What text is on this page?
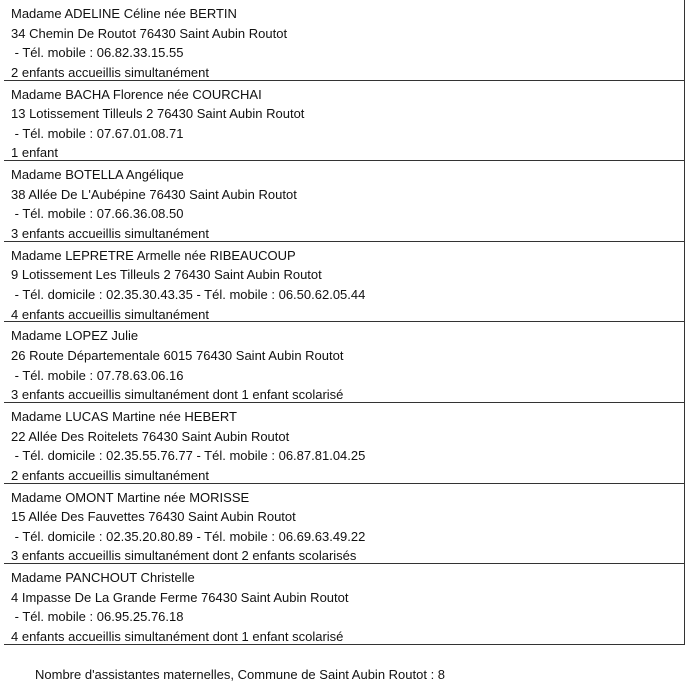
Madame ADELINE Céline née BERTIN
34 Chemin De Routot 76430 Saint Aubin Routot
- Tél. mobile : 06.82.33.15.55
2 enfants accueillis simultanément
Madame BACHA Florence née COURCHAI
13 Lotissement Tilleuls 2 76430 Saint Aubin Routot
- Tél. mobile : 07.67.01.08.71
1 enfant
Madame BOTELLA Angélique
38 Allée De L'Aubépine 76430 Saint Aubin Routot
- Tél. mobile : 07.66.36.08.50
3 enfants accueillis simultanément
Madame LEPRETRE Armelle née RIBEAUCOUP
9 Lotissement Les Tilleuls 2 76430 Saint Aubin Routot
- Tél. domicile : 02.35.30.43.35 - Tél. mobile : 06.50.62.05.44
4 enfants accueillis simultanément
Madame LOPEZ Julie
26 Route Départementale 6015 76430 Saint Aubin Routot
- Tél. mobile : 07.78.63.06.16
3 enfants accueillis simultanément dont 1 enfant scolarisé
Madame LUCAS Martine née HEBERT
22 Allée Des Roitelets 76430 Saint Aubin Routot
- Tél. domicile : 02.35.55.76.77 - Tél. mobile : 06.87.81.04.25
2 enfants accueillis simultanément
Madame OMONT Martine née MORISSE
15 Allée Des Fauvettes 76430 Saint Aubin Routot
- Tél. domicile : 02.35.20.80.89 - Tél. mobile : 06.69.63.49.22
3 enfants accueillis simultanément dont 2 enfants scolarisés
Madame PANCHOUT Christelle
4 Impasse De La Grande Ferme 76430 Saint Aubin Routot
- Tél. mobile : 06.95.25.76.18
4 enfants accueillis simultanément dont 1 enfant scolarisé
Nombre d'assistantes maternelles, Commune de Saint Aubin Routot : 8
